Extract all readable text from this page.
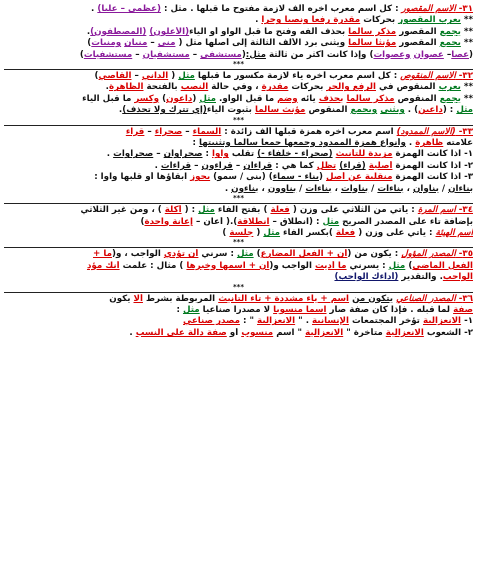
٣١- الاسم المقصور : كل اسم معرب آخره ألف لازمة مفتوح ما قبلها . مثل : (عظمى – عليا) .
** يعرب المقصور بحركات مقدرة رفعا ونصبا وجرا .
** يجمع المقصور مذكر سالماً بحذف ألفه وفتح ما قبل الواو أو الياء(الأعلون) (المصطفون).
** يجمع المقصور مؤنثا سالماً ويثنى برد الألف الثالثة إلى أصلها مثل ( منى – منيان ومنيات)
(عصا– عصوان وعصوات) وإذا كانت أكثر من ثالثة مثل:(مستشفى – مستشفيان – مستشفيات)
***
٣٢- الاسم المنقوص : كل اسم معرب آخره ياء لازمة مكسور ما قبلها مثل ( الداني – القاصي)
** يعرب المنقوص في الرفع والجر بحركات مقدرة ، وفي حالة النصب بالفتحة الظاهرة.
** يجمع المنقوص مذكر سالماً بحذف يائه وضم ما قبل الواو. مثل (داعون) وكسر ما قبل الياء
مثل : (داعين) . ويثنى ويجمع المنقوص مؤنث سالما بثبوت الياء(إي تترك ولا تحذف).
***
٣٣- (الاسم الممدود) اسم معرب آخره همزة قبلها ألف زائدة : السماء – صحراء – قراء
علامته ظاهرة . وأنواع همزة الممدود وجمعها جمعا سالما وتثنيتها :
١- اذا كانت الهمزة مزيدة للتأنيث (صحراء - خلفاء -) تقلب واوا : صحراوان – صحراوات .
٢- اذا كانت الهمزة أصلية (قراء) تظل كما هي : قراءان – قراءون – قراءات .
٣- اذا كانت الهمزة منقلبة عن أصل (بناء - سماء) (بنى / سمو) يجوز ابقاؤها أو قلبها واوا :
بناءان / بناوان ، بناءات / بناوات ، بناءات / بناوون ، بناءون .
***
٣٤- اسم المرة : يأتي من الثلاثي على وزن ( فعلة ) بفتح الفاء مثل : ( أكلة ) ، ومن غير الثلاثي
بإضافة تاء على المصدر الصريح مثل : (انطلاق – انطلاقة).( أعان – إعانة واحدة)
اسم الهيئة : يأتي على وزن ( فعلة )بكسر الفاء مثل ( جلسة )
***
٣٥- المصدر المؤول : يكون من (أن + الفعل المضارع) مثل : سرني أن تؤدي الواجب ، و(ما +
الفعل الماضي) مثل : يسرني ما أديت الواجب و(أن + اسمها وخبرها ) مثال : علمت أنك مؤد
الواجب. والتقدير (أداءك الواجب)
***
٣٦- المصدر الصناعي يتكون من اسم + ياء مشددة + تاء التأنيث المربوطة بشرط ألا يكون
صفة لما قبله . فإذا كان صفة صار اسما منسوبا لا مصدرا صناعيا مثل :
١- الانعزالية تؤخر المجتمعات الإنسانية . " الانعزالية " : مصدر صناعي
٢- الشعوب الانعزالية متأخرة " الانعزالية " اسم منسوب أو صفة دالة على النسب .
